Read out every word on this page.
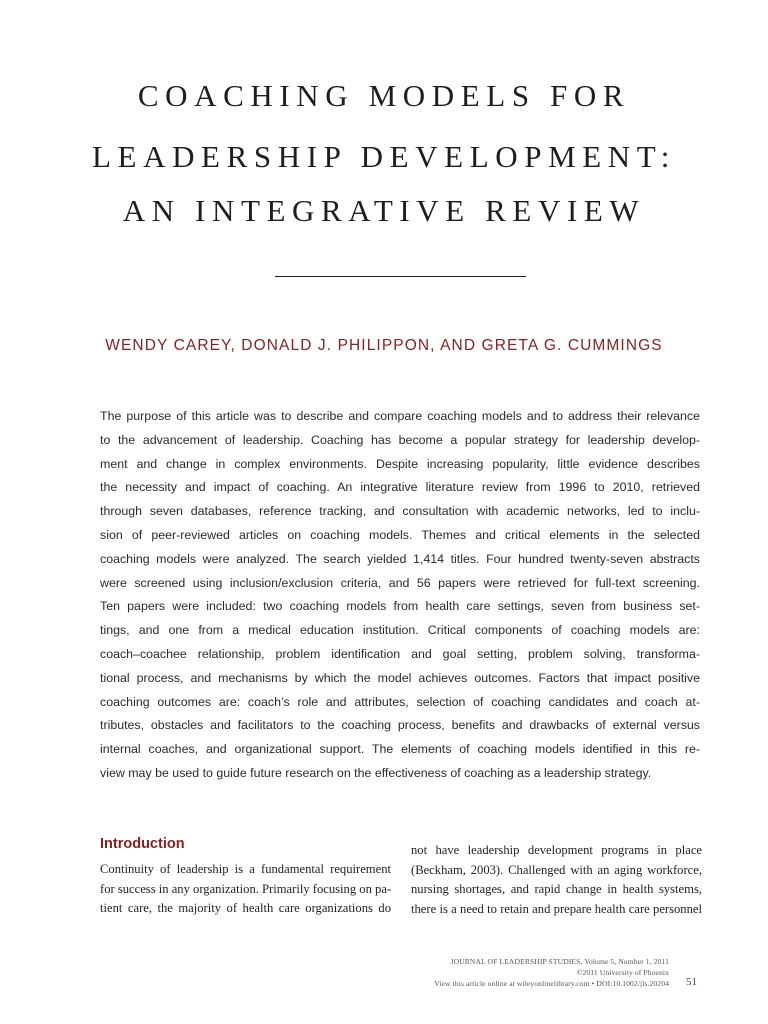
COACHING MODELS FOR
LEADERSHIP DEVELOPMENT:
AN INTEGRATIVE REVIEW
WENDY CAREY, DONALD J. PHILIPPON, AND GRETA G. CUMMINGS
The purpose of this article was to describe and compare coaching models and to address their relevance
to the advancement of leadership. Coaching has become a popular strategy for leadership develop-
ment and change in complex environments. Despite increasing popularity, little evidence describes
the necessity and impact of coaching. An integrative literature review from 1996 to 2010, retrieved
through seven databases, reference tracking, and consultation with academic networks, led to inclu-
sion of peer-reviewed articles on coaching models. Themes and critical elements in the selected
coaching models were analyzed. The search yielded 1,414 titles. Four hundred twenty-seven abstracts
were screened using inclusion/exclusion criteria, and 56 papers were retrieved for full-text screening.
Ten papers were included: two coaching models from health care settings, seven from business set-
tings, and one from a medical education institution. Critical components of coaching models are:
coach–coachee relationship, problem identification and goal setting, problem solving, transforma-
tional process, and mechanisms by which the model achieves outcomes. Factors that impact positive
coaching outcomes are: coach’s role and attributes, selection of coaching candidates and coach at-
tributes, obstacles and facilitators to the coaching process, benefits and drawbacks of external versus
internal coaches, and organizational support. The elements of coaching models identified in this re-
view may be used to guide future research on the effectiveness of coaching as a leadership strategy.
Introduction
Continuity of leadership is a fundamental requirement
for success in any organization. Primarily focusing on pa-
tient care, the majority of health care organizations do
not have leadership development programs in place
(Beckham, 2003). Challenged with an aging workforce,
nursing shortages, and rapid change in health systems,
there is a need to retain and prepare health care personnel
JOURNAL OF LEADERSHIP STUDIES, Volume 5, Number 1, 2011
©2011 University of Phoenix
View this article online at wileyonlinelibrary.com • DOI:10.1002/jls.20204 51
